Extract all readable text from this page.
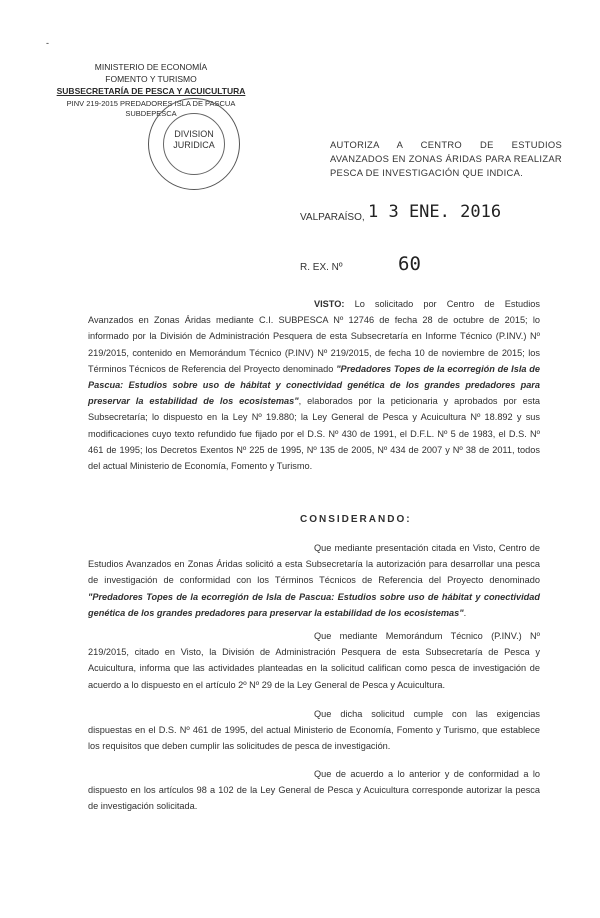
-
MINISTERIO DE ECONOMÍA
FOMENTO Y TURISMO
SUBSECRETARÍA DE PESCA Y ACUICULTURA
PINV 219-2015 PREDADORES ISLA DE PASCUA
SUBDEPESCA
DIVISION
JURIDICA	AUTORIZA A CENTRO DE ESTUDIOS AVANZADOS EN ZONAS ÁRIDAS PARA REALIZAR PESCA DE INVESTIGACIÓN QUE INDICA.
VALPARAÍSO, 1 3 ENE. 2016
R. EX. Nº	60
VISTO: Lo solicitado por Centro de Estudios Avanzados en Zonas Áridas mediante C.I. SUBPESCA Nº 12746 de fecha 28 de octubre de 2015; lo informado por la División de Administración Pesquera de esta Subsecretaría en Informe Técnico (P.INV.) Nº 219/2015, contenido en Memorándum Técnico (P.INV) Nº 219/2015, de fecha 10 de noviembre de 2015; los Términos Técnicos de Referencia del Proyecto denominado "Predadores Topes de la ecorregión de Isla de Pascua: Estudios sobre uso de hábitat y conectividad genética de los grandes predadores para preservar la estabilidad de los ecosistemas", elaborados por la peticionaria y aprobados por esta Subsecretaría; lo dispuesto en la Ley Nº 19.880; la Ley General de Pesca y Acuicultura Nº 18.892 y sus modificaciones cuyo texto refundido fue fijado por el D.S. Nº 430 de 1991, el D.F.L. Nº 5 de 1983, el D.S. Nº 461 de 1995; los Decretos Exentos Nº 225 de 1995, Nº 135 de 2005, Nº 434 de 2007 y Nº 38 de 2011, todos del actual Ministerio de Economía, Fomento y Turismo.
CONSIDERANDO:
Que mediante presentación citada en Visto, Centro de Estudios Avanzados en Zonas Áridas solicitó a esta Subsecretaría la autorización para desarrollar una pesca de investigación de conformidad con los Términos Técnicos de Referencia del Proyecto denominado "Predadores Topes de la ecorregión de Isla de Pascua: Estudios sobre uso de hábitat y conectividad genética de los grandes predadores para preservar la estabilidad de los ecosistemas".
Que mediante Memorándum Técnico (P.INV.) Nº 219/2015, citado en Visto, la División de Administración Pesquera de esta Subsecretaría de Pesca y Acuicultura, informa que las actividades planteadas en la solicitud califican como pesca de investigación de acuerdo a lo dispuesto en el artículo 2º Nº 29 de la Ley General de Pesca y Acuicultura.
Que dicha solicitud cumple con las exigencias dispuestas en el D.S. Nº 461 de 1995, del actual Ministerio de Economía, Fomento y Turismo, que establece los requisitos que deben cumplir las solicitudes de pesca de investigación.
Que de acuerdo a lo anterior y de conformidad a lo dispuesto en los artículos 98 a 102 de la Ley General de Pesca y Acuicultura corresponde autorizar la pesca de investigación solicitada.
